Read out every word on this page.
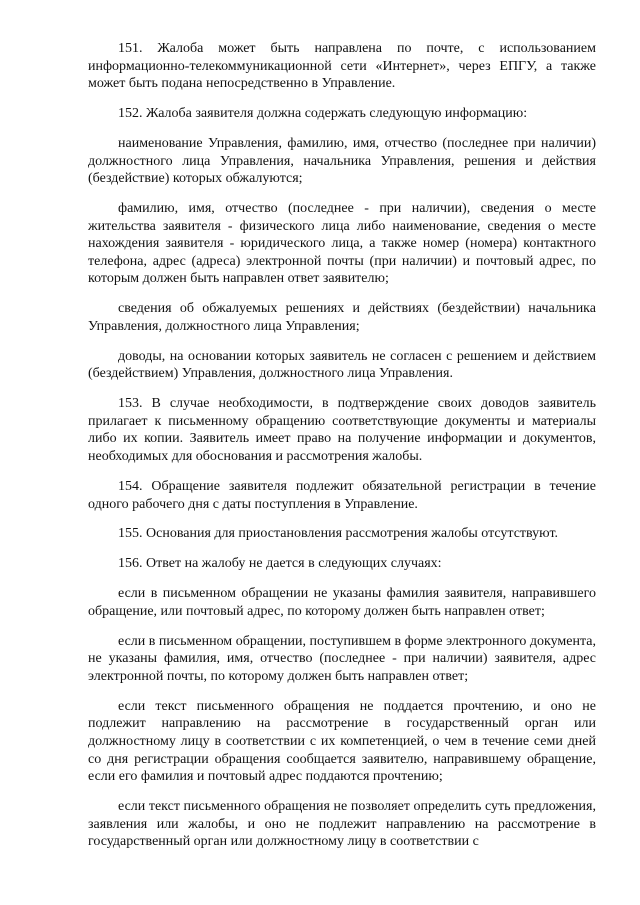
151. Жалоба может быть направлена по почте, с использованием информационно-телекоммуникационной сети «Интернет», через ЕПГУ, а также может быть подана непосредственно в Управление.

152. Жалоба заявителя должна содержать следующую информацию:

наименование Управления, фамилию, имя, отчество (последнее при наличии) должностного лица Управления, начальника Управления, решения и действия (бездействие) которых обжалуются;

фамилию, имя, отчество (последнее - при наличии), сведения о месте жительства заявителя - физического лица либо наименование, сведения о месте нахождения заявителя - юридического лица, а также номер (номера) контактного телефона, адрес (адреса) электронной почты (при наличии) и почтовый адрес, по которым должен быть направлен ответ заявителю;

сведения об обжалуемых решениях и действиях (бездействии) начальника Управления, должностного лица Управления;

доводы, на основании которых заявитель не согласен с решением и действием (бездействием) Управления, должностного лица Управления.

153. В случае необходимости, в подтверждение своих доводов заявитель прилагает к письменному обращению соответствующие документы и материалы либо их копии. Заявитель имеет право на получение информации и документов, необходимых для обоснования и рассмотрения жалобы.

154. Обращение заявителя подлежит обязательной регистрации в течение одного рабочего дня с даты поступления в Управление.

155. Основания для приостановления рассмотрения жалобы отсутствуют.

156. Ответ на жалобу не дается в следующих случаях:

если в письменном обращении не указаны фамилия заявителя, направившего обращение, или почтовый адрес, по которому должен быть направлен ответ;

если в письменном обращении, поступившем в форме электронного документа, не указаны фамилия, имя, отчество (последнее - при наличии) заявителя, адрес электронной почты, по которому должен быть направлен ответ;

если текст письменного обращения не поддается прочтению, и оно не подлежит направлению на рассмотрение в государственный орган или должностному лицу в соответствии с их компетенцией, о чем в течение семи дней со дня регистрации обращения сообщается заявителю, направившему обращение, если его фамилия и почтовый адрес поддаются прочтению;

если текст письменного обращения не позволяет определить суть предложения, заявления или жалобы, и оно не подлежит направлению на рассмотрение в государственный орган или должностному лицу в соответствии с
